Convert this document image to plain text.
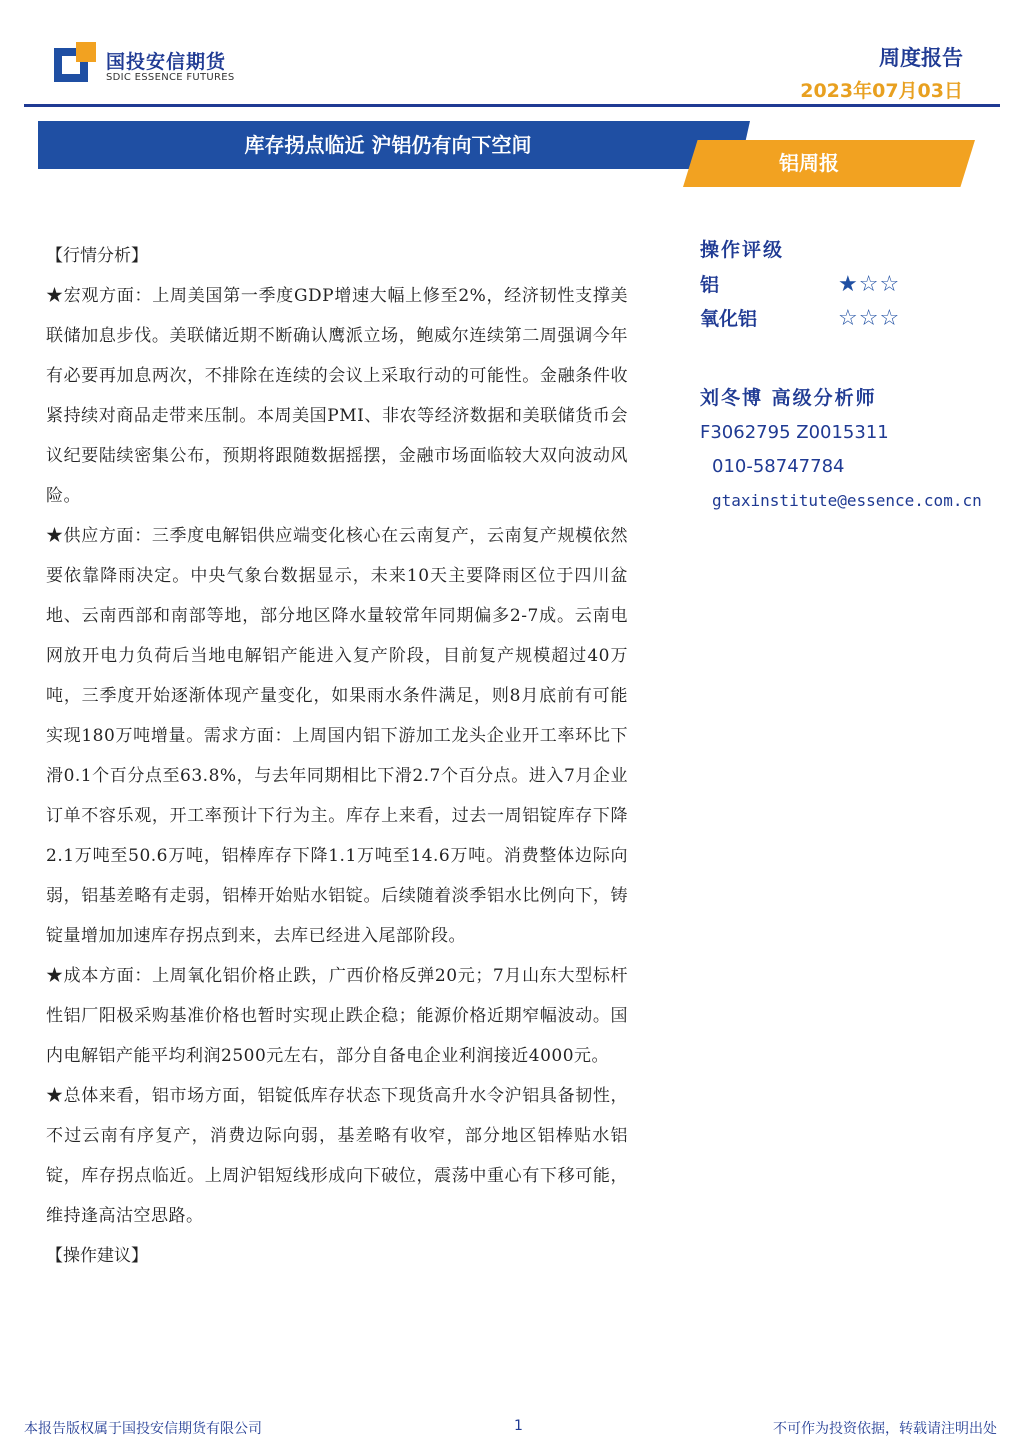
国投安信期货
SDIC ESSENCE FUTURES
周度报告
2023年07月03日
库存拐点临近 沪铝仍有向下空间
铝周报
【行情分析】

★宏观方面：上周美国第一季度GDP增速大幅上修至2%，经济韧性支撑美联储加息步伐。美联储近期不断确认鹰派立场，鲍威尔连续第二周强调今年有必要再加息两次，不排除在连续的会议上采取行动的可能性。金融条件收紧持续对商品走带来压制。本周美国PMI、非农等经济数据和美联储货币会议纪要陆续密集公布，预期将跟随数据摇摆，金融市场面临较大双向波动风险。

★供应方面：三季度电解铝供应端变化核心在云南复产，云南复产规模依然要依靠降雨决定。中央气象台数据显示，未来10天主要降雨区位于四川盆地、云南西部和南部等地，部分地区降水量较常年同期偏多2-7成。云南电网放开电力负荷后当地电解铝产能进入复产阶段，目前复产规模超过40万吨，三季度开始逐渐体现产量变化，如果雨水条件满足，则8月底前有可能实现180万吨增量。需求方面：上周国内铝下游加工龙头企业开工率环比下滑0.1个百分点至63.8%，与去年同期相比下滑2.7个百分点。进入7月企业订单不容乐观，开工率预计下行为主。库存上来看，过去一周铝锭库存下降2.1万吨至50.6万吨，铝棒库存下降1.1万吨至14.6万吨。消费整体边际向弱，铝基差略有走弱，铝棒开始贴水铝锭。后续随着淡季铝水比例向下，铸锭量增加加速库存拐点到来，去库已经进入尾部阶段。

★成本方面：上周氧化铝价格止跌，广西价格反弹20元；7月山东大型标杆性铝厂阳极采购基准价格也暂时实现止跌企稳；能源价格近期窄幅波动。国内电解铝产能平均利润2500元左右，部分自备电企业利润接近4000元。

★总体来看，铝市场方面，铝锭低库存状态下现货高升水令沪铝具备韧性，不过云南有序复产，消费边际向弱，基差略有收窄，部分地区铝棒贴水铝锭，库存拐点临近。上周沪铝短线形成向下破位，震荡中重心有下移可能，维持逢高沽空思路。

【操作建议】
操作评级
铝	★☆☆
氧化铝	☆☆☆
刘冬博 高级分析师
F3062795 Z0015311
010-58747784
gtaxinstitute@essence.com.cn
本报告版权属于国投安信期货有限公司	1	不可作为投资依据，转载请注明出处
